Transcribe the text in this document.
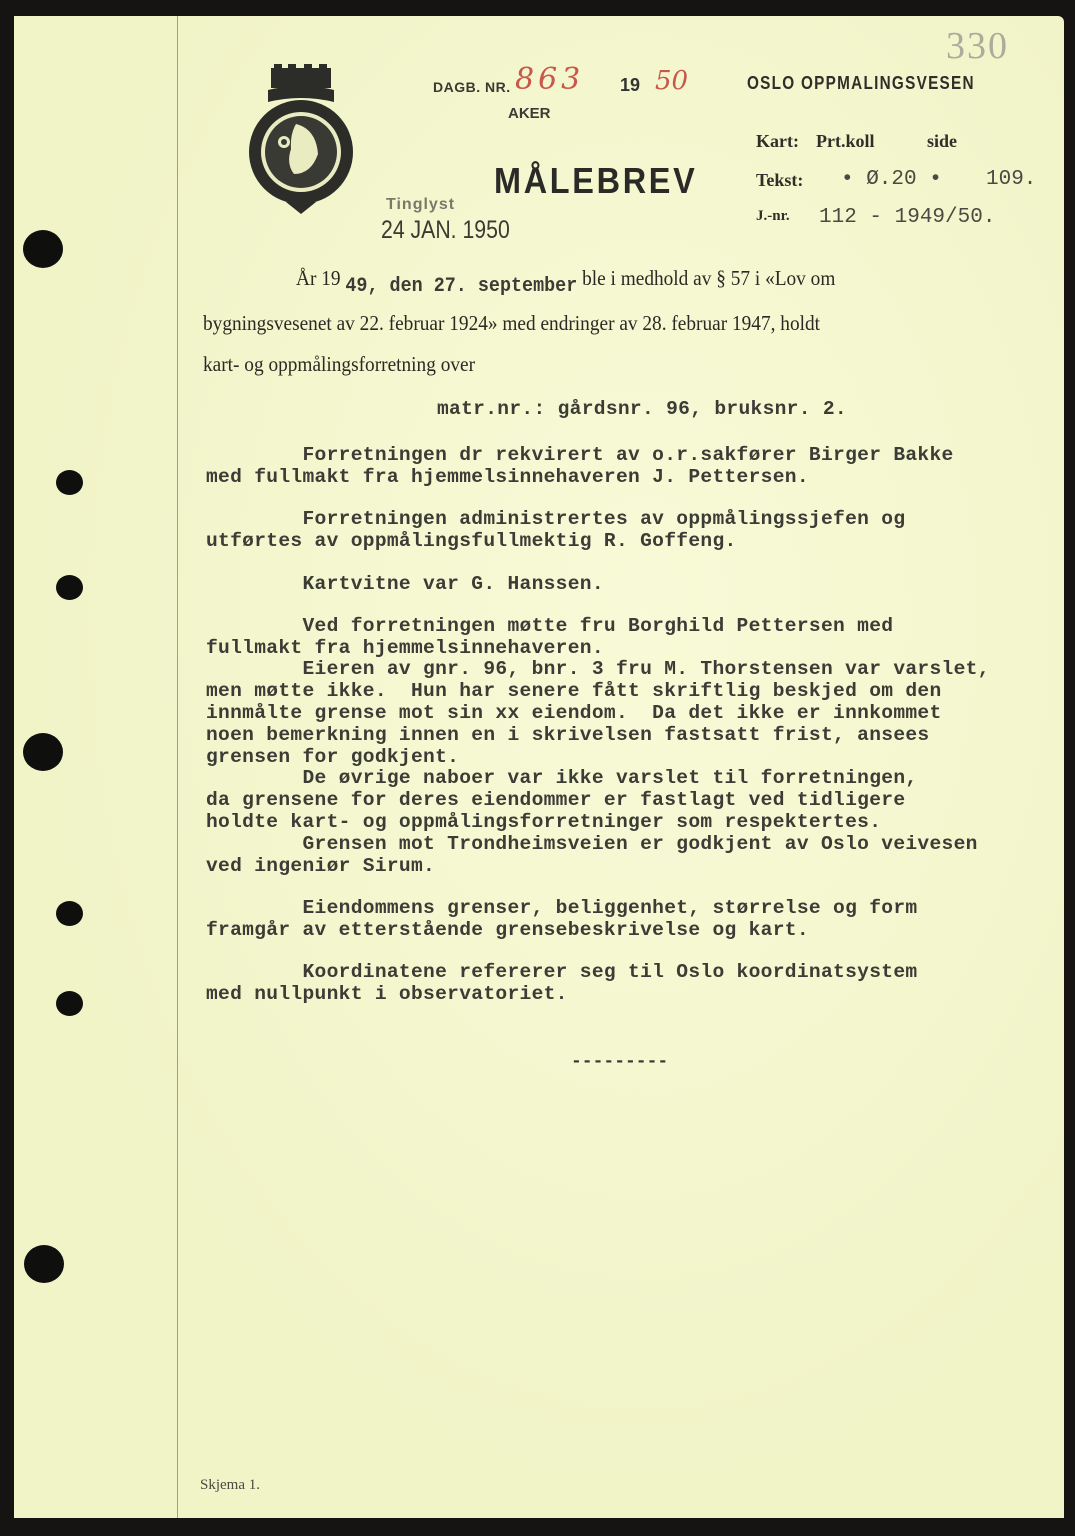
DAGB. NR. 863 19 50
AKER
MÅLEBREV
Tinglyst
24 JAN. 1950
330
OSLO OPPMALINGSVESEN
Kart: Prt.koll	side
Tekst: • Ø.20 • 109.
J.-nr. 112 - 1949/50.
År 19 49, den 27. september ble i medhold av § 57 i «Lov om
bygningsvesenet av 22. februar 1924» med endringer av 28. februar 1947, holdt
kart- og oppmålingsforretning over
matr.nr.: gårdsnr. 96, bruksnr. 2.
Forretningen dr rekvirert av o.r.sakfører Birger Bakke
med fullmakt fra hjemmelsinnehaveren J. Pettersen.
Forretningen administrertes av oppmålingssjefen og
utførtes av oppmålingsfullmektig R. Goffeng.
Kartvitne var G. Hanssen.
Ved forretningen møtte fru Borghild Pettersen med
fullmakt fra hjemmelsinnehaveren.
Eieren av gnr. 96, bnr. 3 fru M. Thorstensen var varslet,
men møtte ikke.  Hun har senere fått skriftlig beskjed om den
innmålte grense mot sin xx eiendom.  Da det ikke er innkommet
noen bemerkning innen en i skrivelsen fastsatt frist, ansees
grensen for godkjent.
De øvrige naboer var ikke varslet til forretningen,
da grensene for deres eiendommer er fastlagt ved tidligere
holdte kart- og oppmålingsforretninger som respektertes.
Grensen mot Trondheimsveien er godkjent av Oslo veivesen
ved ingeniør Sirum.
Eiendommens grenser, beliggenhet, størrelse og form
framgår av etterstående grensebeskrivelse og kart.
Koordinatene refererer seg til Oslo koordinatsystem
med nullpunkt i observatoriet.
---------
Skjema 1.
